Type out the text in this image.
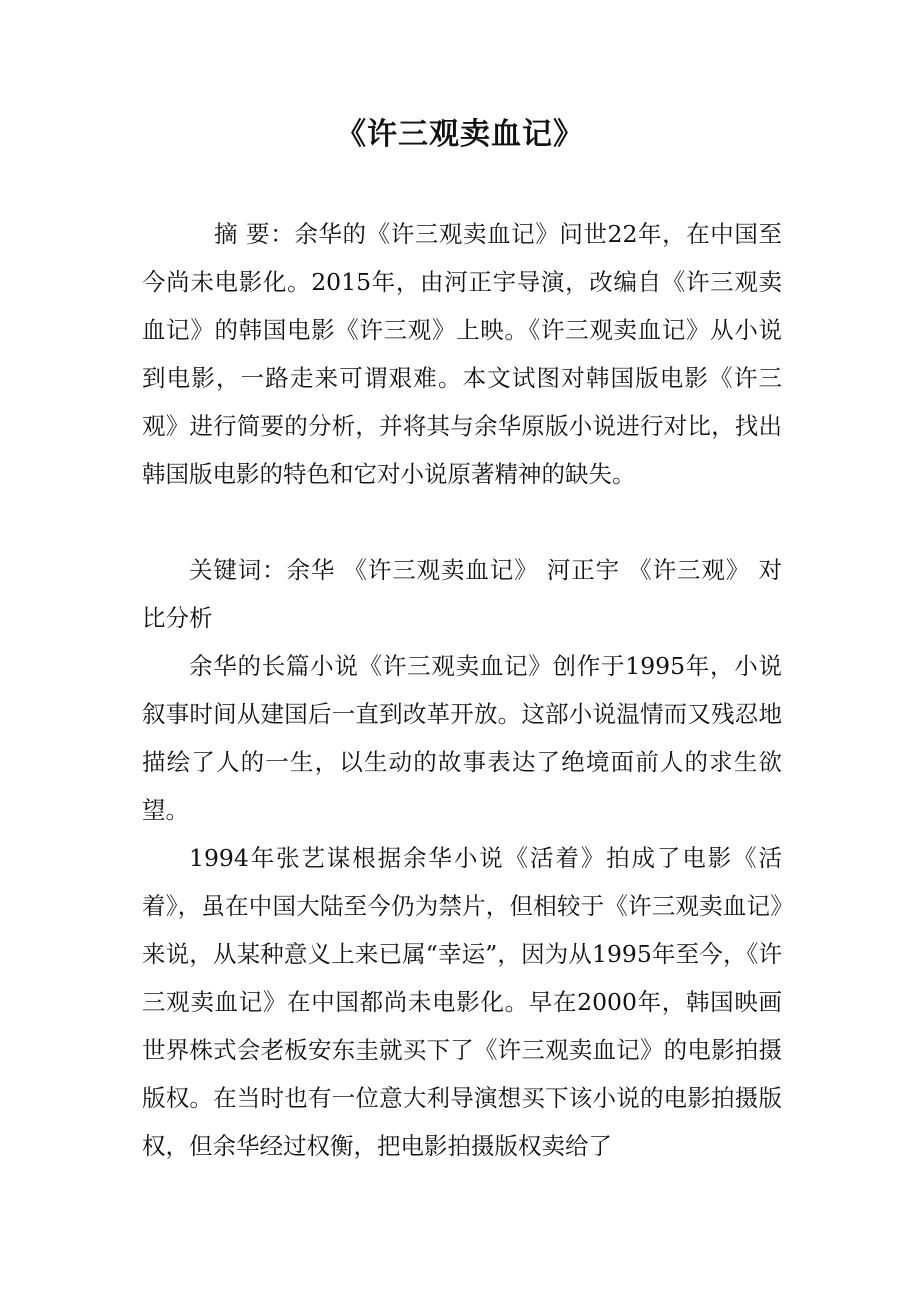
《许三观卖血记》
摘 要：余华的《许三观卖血记》问世22年，在中国至今尚未电影化。2015年，由河正宇导演，改编自《许三观卖血记》的韩国电影《许三观》上映。《许三观卖血记》从小说到电影，一路走来可谓艰难。本文试图对韩国版电影《许三观》进行简要的分析，并将其与余华原版小说进行对比，找出韩国版电影的特色和它对小说原著精神的缺失。
关键词：余华 《许三观卖血记》 河正宇 《许三观》 对比分析
余华的长篇小说《许三观卖血记》创作于1995年，小说叙事时间从建国后一直到改革开放。这部小说温情而又残忍地描绘了人的一生，以生动的故事表达了绝境面前人的求生欲望。
1994年张艺谋根据余华小说《活着》拍成了电影《活着》，虽在中国大陆至今仍为禁片，但相较于《许三观卖血记》来说，从某种意义上来已属“幸运”，因为从1995年至今，《许三观卖血记》在中国都尚未电影化。早在2000年，韩国映画世界株式会老板安东圭就买下了《许三观卖血记》的电影拍摄版权。在当时也有一位意大利导演想买下该小说的电影拍摄版权，但余华经过权衡，把电影拍摄版权卖给了
